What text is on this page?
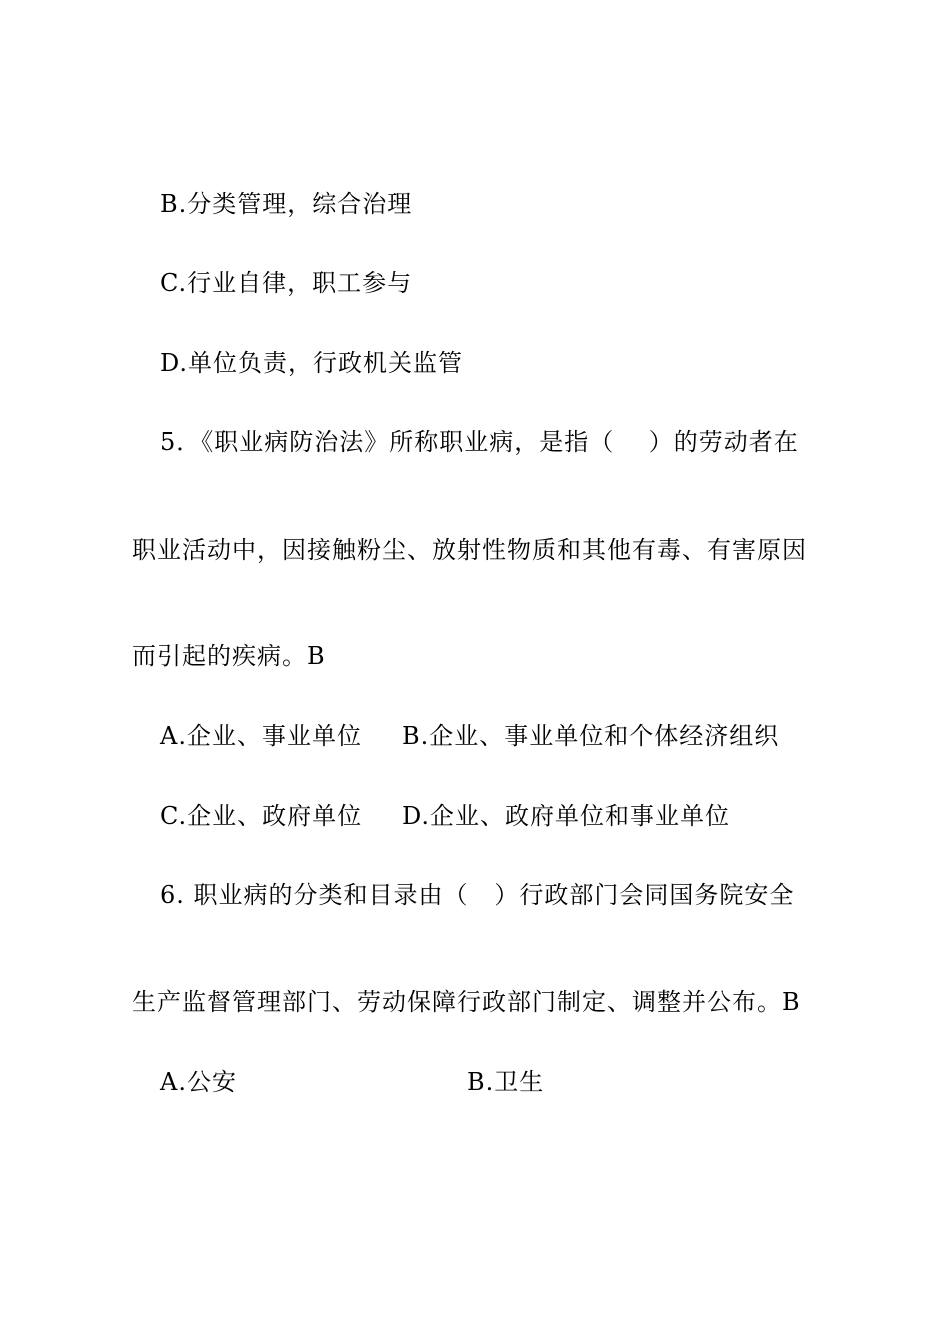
B.分类管理，综合治理
C.行业自律，职工参与
D.单位负责，行政机关监管
5．《职业病防治法》所称职业病，是指（    ）的劳动者在
职业活动中，因接触粉尘、放射性物质和其他有毒、有害原因
而引起的疾病。B
A.企业、事业单位 B.企业、事业单位和个体经济组织
C.企业、政府单位 D.企业、政府单位和事业单位
6. 职业病的分类和目录由（   ）行政部门会同国务院安全
生产监督管理部门、劳动保障行政部门制定、调整并公布。B
A.公安	B.卫生
